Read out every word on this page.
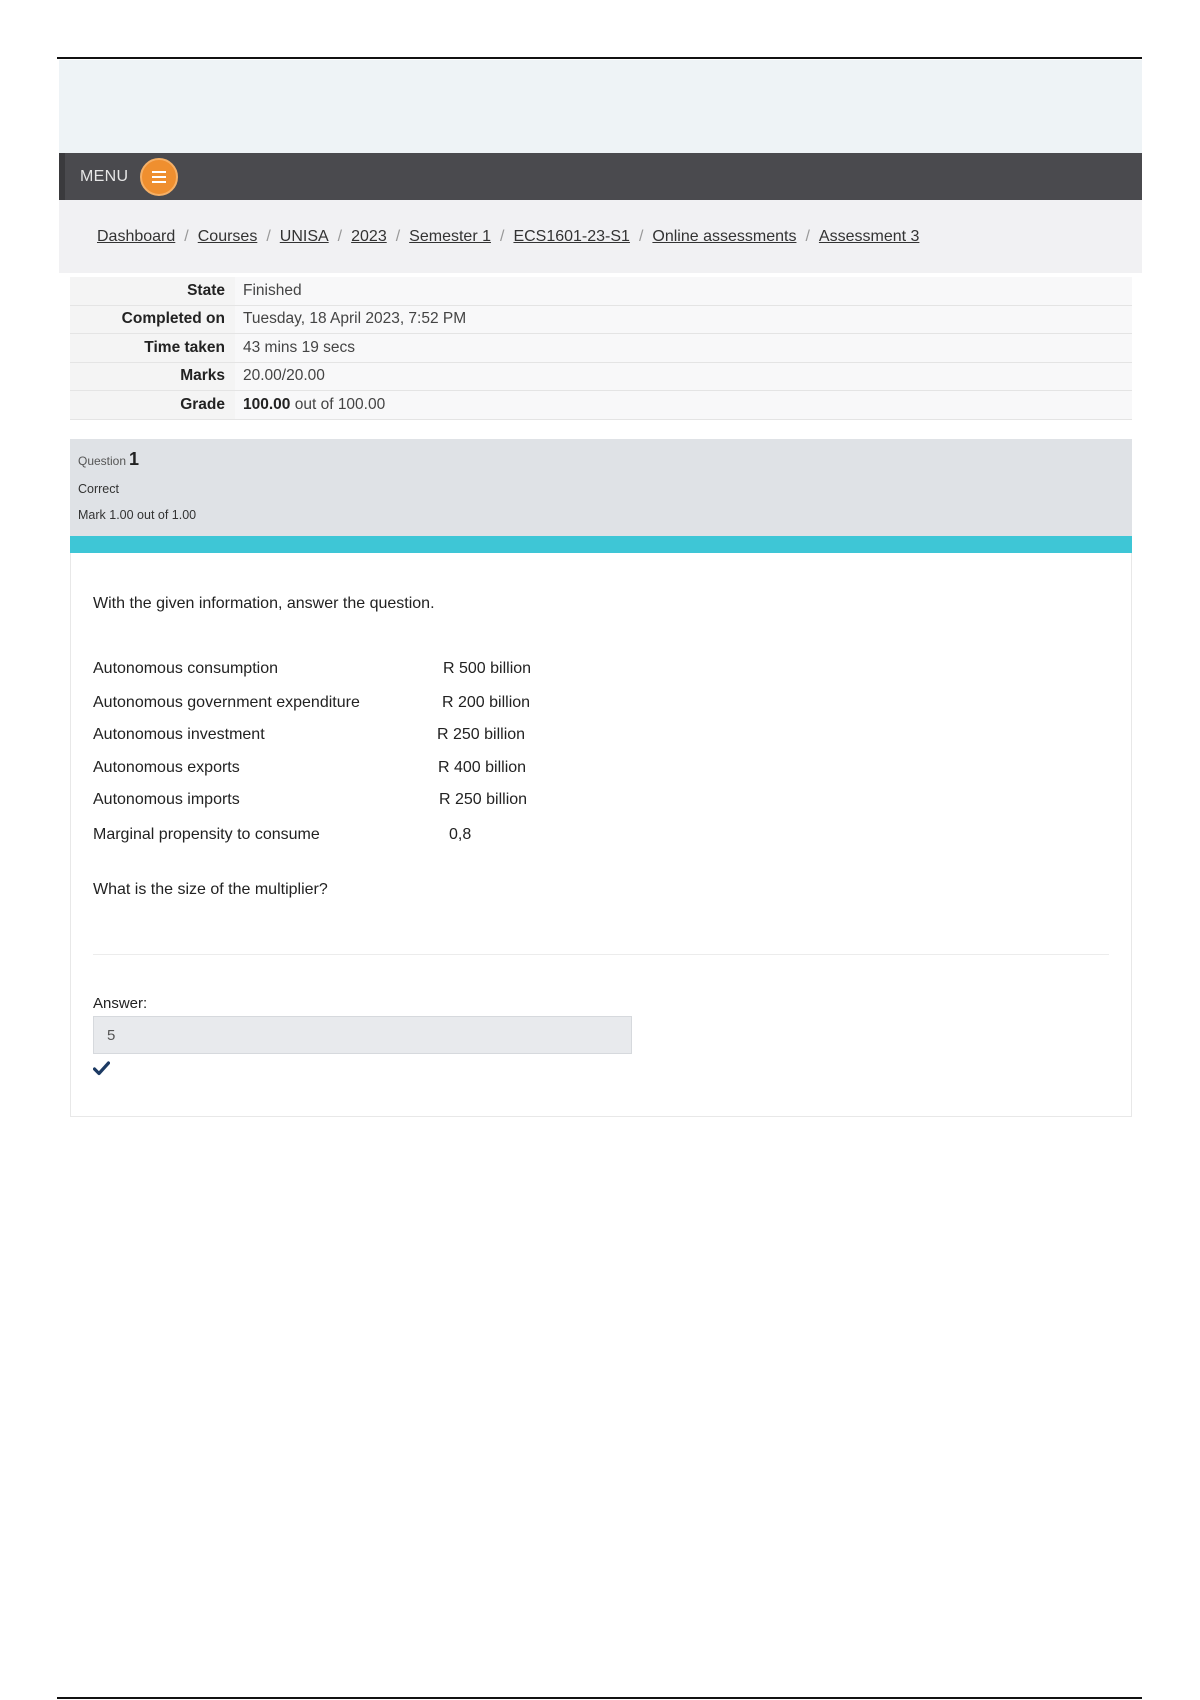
MENU
Dashboard / Courses / UNISA / 2023 / Semester 1 / ECS1601-23-S1 / Online assessments / Assessment 3
State	Finished
Completed on	Tuesday, 18 April 2023, 7:52 PM
Time taken	43 mins 19 secs
Marks	20.00/20.00
Grade	100.00 out of 100.00
Question 1
Correct
Mark 1.00 out of 1.00
With the given information, answer the question.
Autonomous consumption	R 500 billion
Autonomous government expenditure	R 200 billion
Autonomous investment	R 250 billion
Autonomous exports	R 400 billion
Autonomous imports	R 250 billion
Marginal propensity to consume	0,8
What is the size of the multiplier?
Answer:
5
